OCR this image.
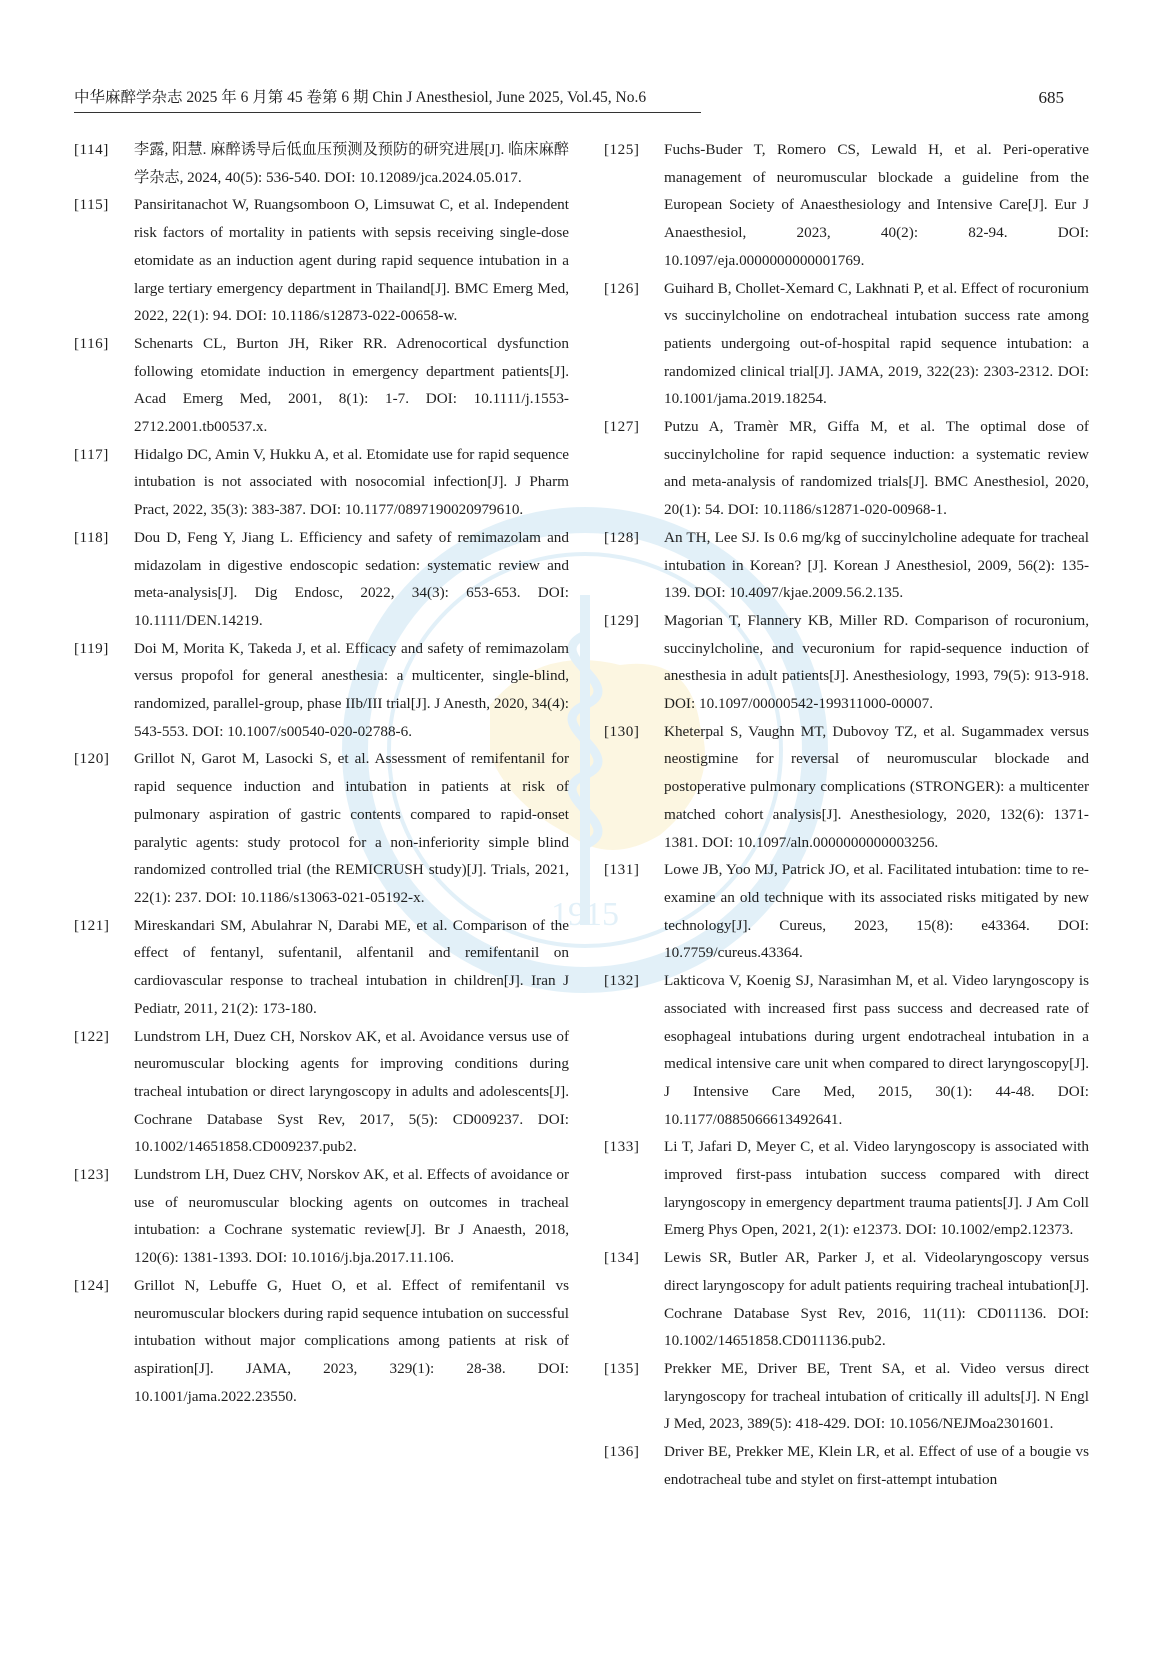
中华麻醉学杂志 2025 年 6 月第 45 卷第 6 期 Chin J Anesthesiol, June 2025, Vol.45, No.6	685
1915

[114]	李露, 阳慧. 麻醉诱导后低血压预测及预防的研究进展[J]. 临床麻醉学杂志, 2024, 40(5): 536-540. DOI: 10.12089/jca.2024.05.017.

[115]	Pansiritanachot W, Ruangsomboon O, Limsuwat C, et al. Independent risk factors of mortality in patients with sepsis receiving single-dose etomidate as an induction agent during rapid sequence intubation in a large tertiary emergency department in Thailand[J]. BMC Emerg Med, 2022, 22(1): 94. DOI: 10.1186/s12873-022-00658-w.

[116]	Schenarts CL, Burton JH, Riker RR. Adrenocortical dysfunction following etomidate induction in emergency department patients[J]. Acad Emerg Med, 2001, 8(1): 1-7. DOI: 10.1111/j.1553-2712.2001.tb00537.x.

[117]	Hidalgo DC, Amin V, Hukku A, et al. Etomidate use for rapid sequence intubation is not associated with nosocomial infection[J]. J Pharm Pract, 2022, 35(3): 383-387. DOI: 10.1177/0897190020979610.

[118]	Dou D, Feng Y, Jiang L. Efficiency and safety of remimazolam and midazolam in digestive endoscopic sedation: systematic review and meta-analysis[J]. Dig Endosc, 2022, 34(3): 653-653. DOI: 10.1111/DEN.14219.

[119]	Doi M, Morita K, Takeda J, et al. Efficacy and safety of remimazolam versus propofol for general anesthesia: a multicenter, single-blind, randomized, parallel-group, phase IIb/III trial[J]. J Anesth, 2020, 34(4): 543-553. DOI: 10.1007/s00540-020-02788-6.

[120]	Grillot N, Garot M, Lasocki S, et al. Assessment of remifentanil for rapid sequence induction and intubation in patients at risk of pulmonary aspiration of gastric contents compared to rapid-onset paralytic agents: study protocol for a non-inferiority simple blind randomized controlled trial (the REMICRUSH study)[J]. Trials, 2021, 22(1): 237. DOI: 10.1186/s13063-021-05192-x.

[121]	Mireskandari SM, Abulahrar N, Darabi ME, et al. Comparison of the effect of fentanyl, sufentanil, alfentanil and remifentanil on cardiovascular response to tracheal intubation in children[J]. Iran J Pediatr, 2011, 21(2): 173-180.

[122]	Lundstrom LH, Duez CH, Norskov AK, et al. Avoidance versus use of neuromuscular blocking agents for improving conditions during tracheal intubation or direct laryngoscopy in adults and adolescents[J]. Cochrane Database Syst Rev, 2017, 5(5): CD009237. DOI: 10.1002/14651858.CD009237.pub2.

[123]	Lundstrom LH, Duez CHV, Norskov AK, et al. Effects of avoidance or use of neuromuscular blocking agents on outcomes in tracheal intubation: a Cochrane systematic review[J]. Br J Anaesth, 2018, 120(6): 1381-1393. DOI: 10.1016/j.bja.2017.11.106.

[124]	Grillot N, Lebuffe G, Huet O, et al. Effect of remifentanil vs neuromuscular blockers during rapid sequence intubation on successful intubation without major complications among patients at risk of aspiration[J]. JAMA, 2023, 329(1): 28-38. DOI: 10.1001/jama.2022.23550.

[125]	Fuchs-Buder T, Romero CS, Lewald H, et al. Peri-operative management of neuromuscular blockade a guideline from the European Society of Anaesthesiology and Intensive Care[J]. Eur J Anaesthesiol, 2023, 40(2): 82-94. DOI: 10.1097/eja.0000000000001769.

[126]	Guihard B, Chollet-Xemard C, Lakhnati P, et al. Effect of rocuronium vs succinylcholine on endotracheal intubation success rate among patients undergoing out-of-hospital rapid sequence intubation: a randomized clinical trial[J]. JAMA, 2019, 322(23): 2303-2312. DOI: 10.1001/jama.2019.18254.

[127]	Putzu A, Tramèr MR, Giffa M, et al. The optimal dose of succinylcholine for rapid sequence induction: a systematic review and meta-analysis of randomized trials[J]. BMC Anesthesiol, 2020, 20(1): 54. DOI: 10.1186/s12871-020-00968-1.

[128]	An TH, Lee SJ. Is 0.6 mg/kg of succinylcholine adequate for tracheal intubation in Korean? [J]. Korean J Anesthesiol, 2009, 56(2): 135-139. DOI: 10.4097/kjae.2009.56.2.135.

[129]	Magorian T, Flannery KB, Miller RD. Comparison of rocuronium, succinylcholine, and vecuronium for rapid-sequence induction of anesthesia in adult patients[J]. Anesthesiology, 1993, 79(5): 913-918. DOI: 10.1097/00000542-199311000-00007.

[130]	Kheterpal S, Vaughn MT, Dubovoy TZ, et al. Sugammadex versus neostigmine for reversal of neuromuscular blockade and postoperative pulmonary complications (STRONGER): a multicenter matched cohort analysis[J]. Anesthesiology, 2020, 132(6): 1371-1381. DOI: 10.1097/aln.0000000000003256.

[131]	Lowe JB, Yoo MJ, Patrick JO, et al. Facilitated intubation: time to re-examine an old technique with its associated risks mitigated by new technology[J]. Cureus, 2023, 15(8): e43364. DOI: 10.7759/cureus.43364.

[132]	Lakticova V, Koenig SJ, Narasimhan M, et al. Video laryngoscopy is associated with increased first pass success and decreased rate of esophageal intubations during urgent endotracheal intubation in a medical intensive care unit when compared to direct laryngoscopy[J]. J Intensive Care Med, 2015, 30(1): 44-48. DOI: 10.1177/0885066613492641.

[133]	Li T, Jafari D, Meyer C, et al. Video laryngoscopy is associated with improved first-pass intubation success compared with direct laryngoscopy in emergency department trauma patients[J]. J Am Coll Emerg Phys Open, 2021, 2(1): e12373. DOI: 10.1002/emp2.12373.

[134]	Lewis SR, Butler AR, Parker J, et al. Videolaryngoscopy versus direct laryngoscopy for adult patients requiring tracheal intubation[J]. Cochrane Database Syst Rev, 2016, 11(11): CD011136. DOI: 10.1002/14651858.CD011136.pub2.

[135]	Prekker ME, Driver BE, Trent SA, et al. Video versus direct laryngoscopy for tracheal intubation of critically ill adults[J]. N Engl J Med, 2023, 389(5): 418-429. DOI: 10.1056/NEJMoa2301601.

[136]	Driver BE, Prekker ME, Klein LR, et al. Effect of use of a bougie vs endotracheal tube and stylet on first-attempt intubation
